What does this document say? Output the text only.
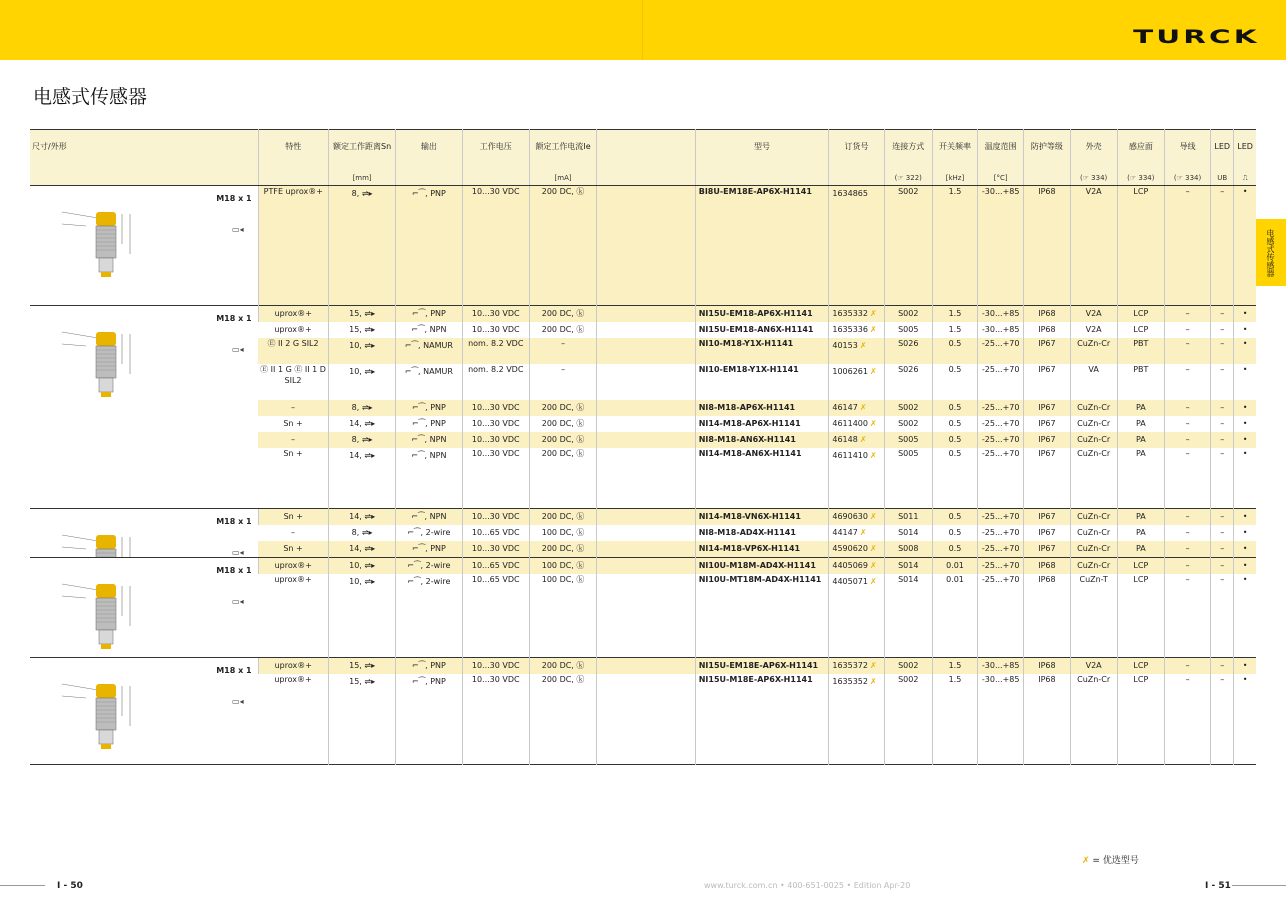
TURCK
电感式传感器
电感式传感器
尺寸/外形	特性	额定工作距离Sn	输出	工作电压	额定工作电流Ie		型号	订货号	连接方式	开关频率	温度范围	防护等级	外壳	感应面	导线	LED	LED
		[mm]			[mA]				(☞ 322)	[kHz]	[°C]		(☞ 334)	(☞ 334)	(☞ 334)	UB	⎍

M18 x 1
▭◂	PTFE uprox®+	8, ⇌▸	⌐⁀, PNP	10...30 VDC	200 DC, ⓚ		BI8U-EM18E-AP6X-H1141	1634865	S002	1.5	-30...+85	IP68	V2A	LCP	–	–	•

M18 x 1
▭◂	uprox®+	15, ⇌▸	⌐⁀, PNP	10...30 VDC	200 DC, ⓚ		NI15U-EM18-AP6X-H1141	1635332 ✗	S002	1.5	-30...+85	IP68	V2A	LCP	–	–	•
	uprox®+	15, ⇌▸	⌐⁀, NPN	10...30 VDC	200 DC, ⓚ		NI15U-EM18-AN6X-H1141	1635336 ✗	S005	1.5	-30...+85	IP68	V2A	LCP	–	–	•
	Ⓔ II 2 G SIL2	10, ⇌▸	⌐⁀, NAMUR	nom. 8.2 VDC	–		NI10-M18-Y1X-H1141	40153 ✗	S026	0.5	-25...+70	IP67	CuZn-Cr	PBT	–	–	•
	Ⓔ II 1 G Ⓔ II 1 D SIL2	10, ⇌▸	⌐⁀, NAMUR	nom. 8.2 VDC	–		NI10-EM18-Y1X-H1141	1006261 ✗	S026	0.5	-25...+70	IP67	VA	PBT	–	–	•
	–	8, ⇌▸	⌐⁀, PNP	10...30 VDC	200 DC, ⓚ		NI8-M18-AP6X-H1141	46147 ✗	S002	0.5	-25...+70	IP67	CuZn-Cr	PA	–	–	•
	Sn +	14, ⇌▸	⌐⁀, PNP	10...30 VDC	200 DC, ⓚ		NI14-M18-AP6X-H1141	4611400 ✗	S002	0.5	-25...+70	IP67	CuZn-Cr	PA	–	–	•
	–	8, ⇌▸	⌐⁀, NPN	10...30 VDC	200 DC, ⓚ		NI8-M18-AN6X-H1141	46148 ✗	S005	0.5	-25...+70	IP67	CuZn-Cr	PA	–	–	•
	Sn +	14, ⇌▸	⌐⁀, NPN	10...30 VDC	200 DC, ⓚ		NI14-M18-AN6X-H1141	4611410 ✗	S005	0.5	-25...+70	IP67	CuZn-Cr	PA	–	–	•

M18 x 1
▭◂	Sn +	14, ⇌▸	⌐⁀, NPN	10...30 VDC	200 DC, ⓚ		NI14-M18-VN6X-H1141	4690630 ✗	S011	0.5	-25...+70	IP67	CuZn-Cr	PA	–	–	•
	–	8, ⇌▸	⌐⁀, 2-wire	10...65 VDC	100 DC, ⓚ		NI8-M18-AD4X-H1141	44147 ✗	S014	0.5	-25...+70	IP67	CuZn-Cr	PA	–	–	•
	Sn +	14, ⇌▸	⌐⁀, PNP	10...30 VDC	200 DC, ⓚ		NI14-M18-VP6X-H1141	4590620 ✗	S008	0.5	-25...+70	IP67	CuZn-Cr	PA	–	–	•

M18 x 1
▭◂	uprox®+	10, ⇌▸	⌐⁀, 2-wire	10...65 VDC	100 DC, ⓚ		NI10U-M18M-AD4X-H1141	4405069 ✗	S014	0.01	-25...+70	IP68	CuZn-Cr	LCP	–	–	•
	uprox®+	10, ⇌▸	⌐⁀, 2-wire	10...65 VDC	100 DC, ⓚ		NI10U-MT18M-AD4X-H1141	4405071 ✗	S014	0.01	-25...+70	IP68	CuZn-T	LCP	–	–	•

M18 x 1
▭◂	uprox®+	15, ⇌▸	⌐⁀, PNP	10...30 VDC	200 DC, ⓚ		NI15U-EM18E-AP6X-H1141	1635372 ✗	S002	1.5	-30...+85	IP68	V2A	LCP	–	–	•
	uprox®+	15, ⇌▸	⌐⁀, PNP	10...30 VDC	200 DC, ⓚ		NI15U-M18E-AP6X-H1141	1635352 ✗	S002	1.5	-30...+85	IP68	CuZn-Cr	LCP	–	–	•
✗ = 优选型号
I - 50	www.turck.com.cn • 400-651-0025 • Edition Apr-20	I - 51
